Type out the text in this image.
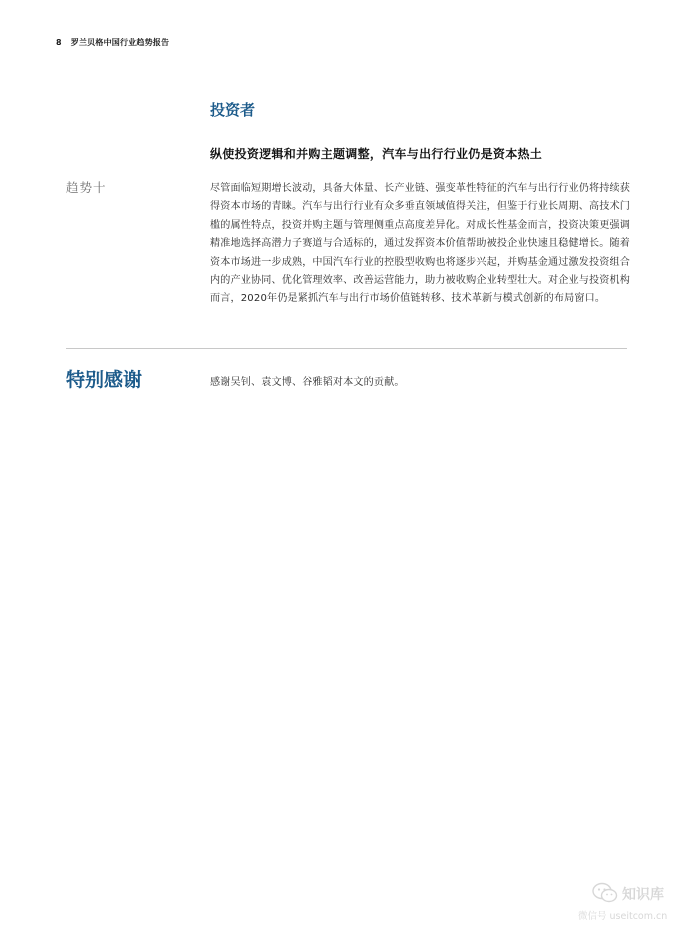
8 罗兰贝格中国行业趋势报告
投资者
纵使投资逻辑和并购主题调整，汽车与出行行业仍是资本热土
趋势十	尽管面临短期增长波动，具备大体量、长产业链、强变革性特征的汽车与出行行业仍将持续获得资本市场的青睐。汽车与出行行业有众多垂直领域值得关注，但鉴于行业长周期、高技术门槛的属性特点，投资并购主题与管理侧重点高度差异化。对成长性基金而言，投资决策更强调精准地选择高潜力子赛道与合适标的，通过发挥资本价值帮助被投企业快速且稳健增长。随着资本市场进一步成熟，中国汽车行业的控股型收购也将逐步兴起，并购基金通过激发投资组合内的产业协同、优化管理效率、改善运营能力，助力被收购企业转型壮大。对企业与投资机构而言，2020年仍是紧抓汽车与出行市场价值链转移、技术革新与模式创新的布局窗口。
特别感谢	感谢吴钊、袁文博、谷雅韬对本文的贡献。
知识库
微信号 useitcom.cn
